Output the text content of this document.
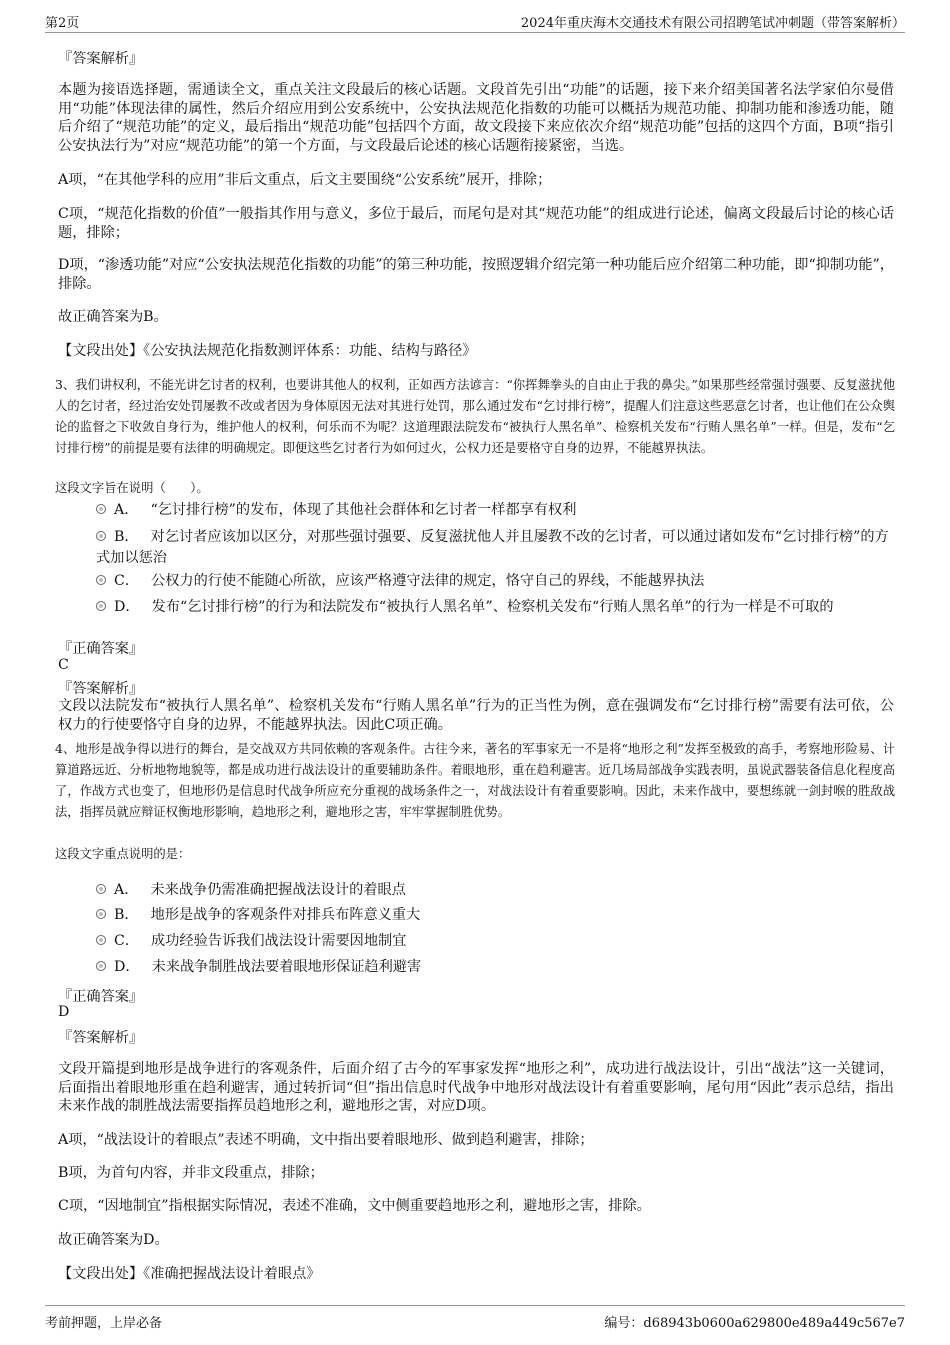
第2页	2024年重庆海木交通技术有限公司招聘笔试冲刺题（带答案解析）

『答案解析』

本题为接语选择题，需通读全文，重点关注文段最后的核心话题。文段首先引出“功能”的话题，接下来介绍美国著名法学家伯尔曼借用“功能”体现法律的属性，然后介绍应用到公安系统中，公安执法规范化指数的功能可以概括为规范功能、抑制功能和渗透功能，随后介绍了“规范功能”的定义，最后指出“规范功能”包括四个方面，故文段接下来应依次介绍“规范功能”包括的这四个方面，B项“指引公安执法行为”对应“规范功能”的第一个方面，与文段最后论述的核心话题衔接紧密，当选。

A项，“在其他学科的应用”非后文重点，后文主要围绕“公安系统”展开，排除；

C项，“规范化指数的价值”一般指其作用与意义，多位于最后，而尾句是对其“规范功能”的组成进行论述，偏离文段最后讨论的核心话题，排除；

D项，“渗透功能”对应“公安执法规范化指数的功能”的第三种功能，按照逻辑介绍完第一种功能后应介绍第二种功能，即“抑制功能”，排除。

故正确答案为B。

【文段出处】《公安执法规范化指数测评体系：功能、结构与路径》

3、我们讲权利，不能光讲乞讨者的权利，也要讲其他人的权利，正如西方法谚言：“你挥舞拳头的自由止于我的鼻尖。”如果那些经常强讨强要、反复滋扰他人的乞讨者，经过治安处罚屡教不改或者因为身体原因无法对其进行处罚，那么通过发布“乞讨排行榜”，提醒人们注意这些恶意乞讨者，也让他们在公众舆论的监督之下收敛自身行为，维护他人的权利，何乐而不为呢？这道理跟法院发布“被执行人黑名单”、检察机关发布“行贿人黑名单”一样。但是，发布“乞讨排行榜”的前提是要有法律的明确规定。即便这些乞讨者行为如何过火，公权力还是要格守自身的边界，不能越界执法。

这段文字旨在说明（　　）。

A． “乞讨排行榜”的发布，体现了其他社会群体和乞讨者一样都享有权利

B． 对乞讨者应该加以区分，对那些强讨强要、反复滋扰他人并且屡教不改的乞讨者，可以通过诸如发布“乞讨排行榜”的方式加以惩治

C． 公权力的行使不能随心所欲，应该严格遵守法律的规定，恪守自己的界线，不能越界执法

D． 发布“乞讨排行榜”的行为和法院发布“被执行人黑名单”、检察机关发布“行贿人黑名单”的行为一样是不可取的

『正确答案』

C

『答案解析』

文段以法院发布“被执行人黑名单”、检察机关发布“行贿人黑名单”行为的正当性为例，意在强调发布“乞讨排行榜”需要有法可依，公权力的行使要恪守自身的边界，不能越界执法。因此C项正确。

4、地形是战争得以进行的舞台，是交战双方共同依赖的客观条件。古往今来，著名的军事家无一不是将“地形之利”发挥至极致的高手，考察地形险易、计算道路远近、分析地物地貌等，都是成功进行战法设计的重要辅助条件。着眼地形，重在趋利避害。近几场局部战争实践表明，虽说武器装备信息化程度高了，作战方式也变了，但地形仍是信息时代战争所应充分重视的战场条件之一，对战法设计有着重要影响。因此，未来作战中，要想练就一剑封喉的胜敌战法，指挥员就应辩证权衡地形影响，趋地形之利，避地形之害，牢牢掌握制胜优势。

这段文字重点说明的是：

A． 未来战争仍需准确把握战法设计的着眼点

B． 地形是战争的客观条件对排兵布阵意义重大

C． 成功经验告诉我们战法设计需要因地制宜

D． 未来战争制胜战法要着眼地形保证趋利避害

『正确答案』

D

『答案解析』

文段开篇提到地形是战争进行的客观条件，后面介绍了古今的军事家发挥“地形之利”，成功进行战法设计，引出“战法”这一关键词，后面指出着眼地形重在趋利避害，通过转折词“但”指出信息时代战争中地形对战法设计有着重要影响，尾句用“因此”表示总结，指出未来作战的制胜战法需要指挥员趋地形之利，避地形之害，对应D项。

A项，“战法设计的着眼点”表述不明确，文中指出要着眼地形、做到趋利避害，排除；

B项，为首句内容，并非文段重点，排除；

C项，“因地制宜”指根据实际情况，表述不准确，文中侧重要趋地形之利，避地形之害，排除。

故正确答案为D。

【文段出处】《准确把握战法设计着眼点》

考前押题，上岸必备	编号：d68943b0600a629800e489a449c567e7
